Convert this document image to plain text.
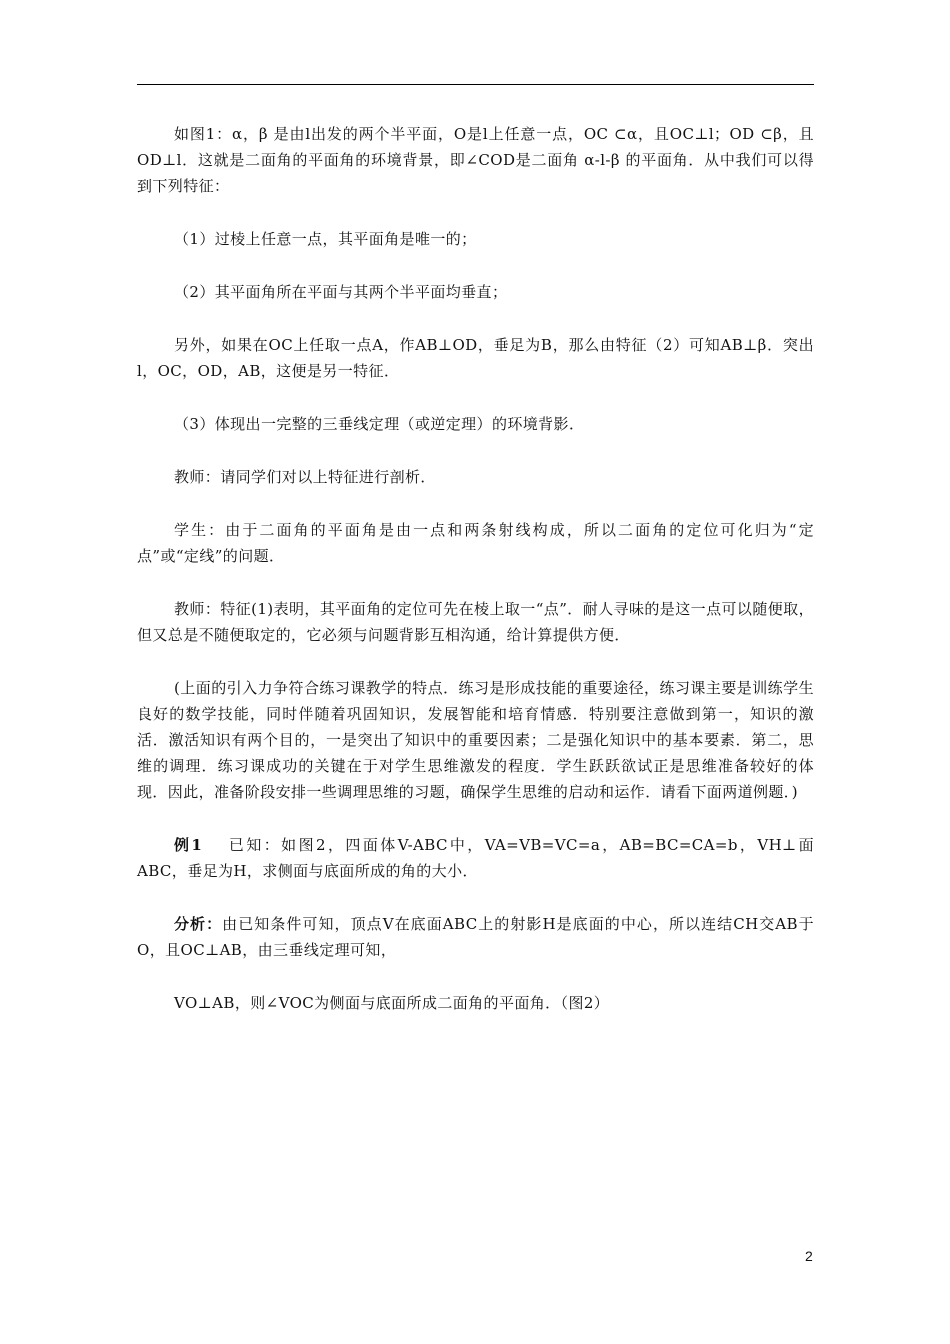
如图1：α，β 是由l出发的两个半平面，O是l上任意一点，OC ⊂α，且OC⊥l；OD ⊂β，且OD⊥l．这就是二面角的平面角的环境背景，即∠COD是二面角 α-l-β 的平面角．从中我们可以得到下列特征：

（1）过棱上任意一点，其平面角是唯一的；

（2）其平面角所在平面与其两个半平面均垂直；

另外，如果在OC上任取一点A，作AB⊥OD，垂足为B，那么由特征（2）可知AB⊥β．突出l，OC，OD，AB，这便是另一特征．

（3）体现出一完整的三垂线定理（或逆定理）的环境背影．

教师：请同学们对以上特征进行剖析．

学生：由于二面角的平面角是由一点和两条射线构成，所以二面角的定位可化归为“定点”或“定线”的问题．

教师：特征(1)表明，其平面角的定位可先在棱上取一“点”．耐人寻味的是这一点可以随便取，但又总是不随便取定的，它必须与问题背影互相沟通，给计算提供方便．

(上面的引入力争符合练习课教学的特点．练习是形成技能的重要途径，练习课主要是训练学生良好的数学技能，同时伴随着巩固知识，发展智能和培育情感．特别要注意做到第一，知识的激活．激活知识有两个目的，一是突出了知识中的重要因素；二是强化知识中的基本要素．第二，思维的调理．练习课成功的关键在于对学生思维激发的程度．学生跃跃欲试正是思维准备较好的体现．因此，准备阶段安排一些调理思维的习题，确保学生思维的启动和运作．请看下面两道例题．)

例1　 已知：如图2，四面体V-ABC中，VA=VB=VC=a，AB=BC=CA=b，VH⊥面ABC，垂足为H，求侧面与底面所成的角的大小．

分析：由已知条件可知，顶点V在底面ABC上的射影H是底面的中心，所以连结CH交AB于O，且OC⊥AB，由三垂线定理可知，

VO⊥AB，则∠VOC为侧面与底面所成二面角的平面角．（图2）

2
